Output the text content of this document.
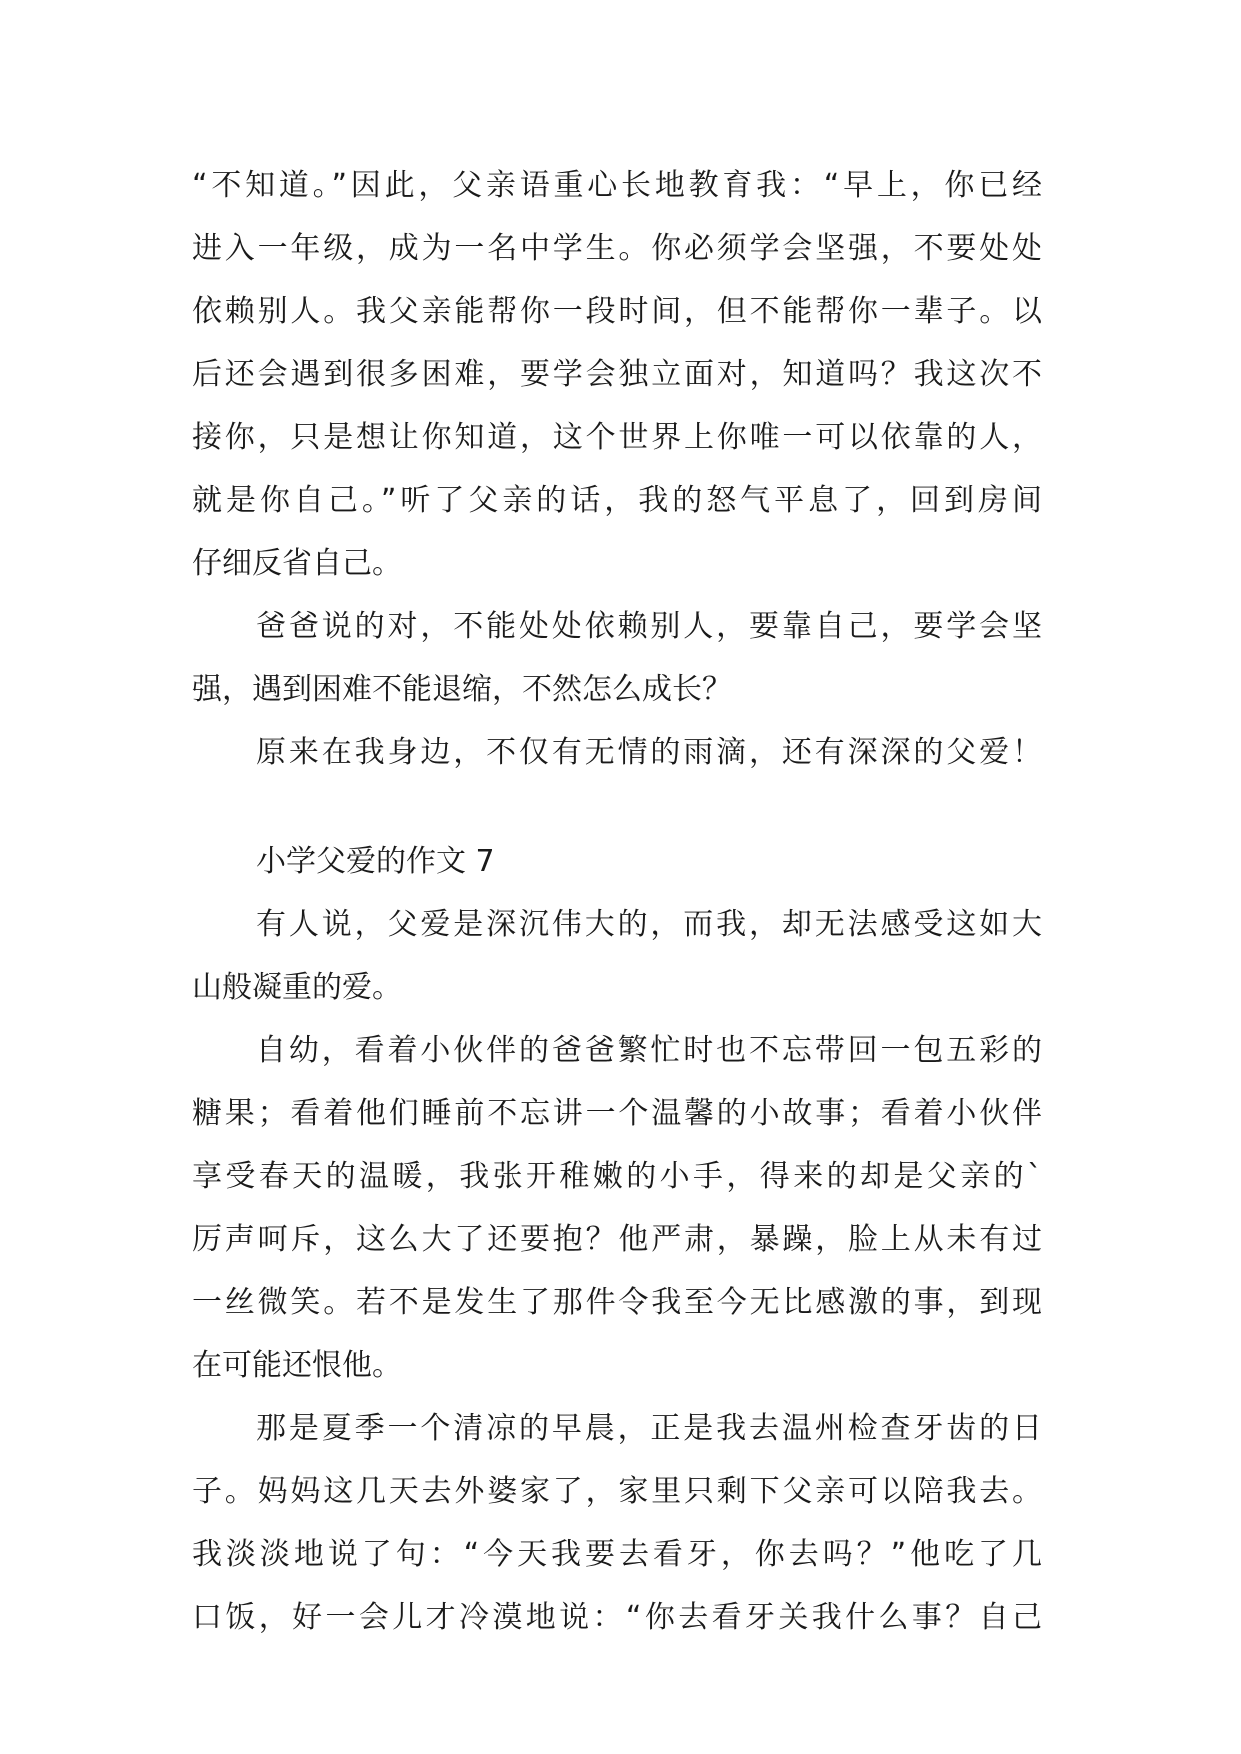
“不知道。”因此，父亲语重心长地教育我：“早上，你已经
进入一年级，成为一名中学生。你必须学会坚强，不要处处
依赖别人。我父亲能帮你一段时间，但不能帮你一辈子。以
后还会遇到很多困难，要学会独立面对，知道吗？我这次不
接你，只是想让你知道，这个世界上你唯一可以依靠的人，
就是你自己。”听了父亲的话，我的怒气平息了，回到房间
仔细反省自己。
爸爸说的对，不能处处依赖别人，要靠自己，要学会坚
强，遇到困难不能退缩，不然怎么成长？
原来在我身边，不仅有无情的雨滴，还有深深的父爱！
小学父爱的作文 7
有人说，父爱是深沉伟大的，而我，却无法感受这如大
山般凝重的爱。
自幼，看着小伙伴的爸爸繁忙时也不忘带回一包五彩的
糖果；看着他们睡前不忘讲一个温馨的小故事；看着小伙伴
享受春天的温暖，我张开稚嫩的小手，得来的却是父亲的`
厉声呵斥，这么大了还要抱？他严肃，暴躁，脸上从未有过
一丝微笑。若不是发生了那件令我至今无比感激的事，到现
在可能还恨他。
那是夏季一个清凉的早晨，正是我去温州检查牙齿的日
子。妈妈这几天去外婆家了，家里只剩下父亲可以陪我去。
我淡淡地说了句：“今天我要去看牙，你去吗？”他吃了几
口饭，好一会儿才冷漠地说：“你去看牙关我什么事？自己
